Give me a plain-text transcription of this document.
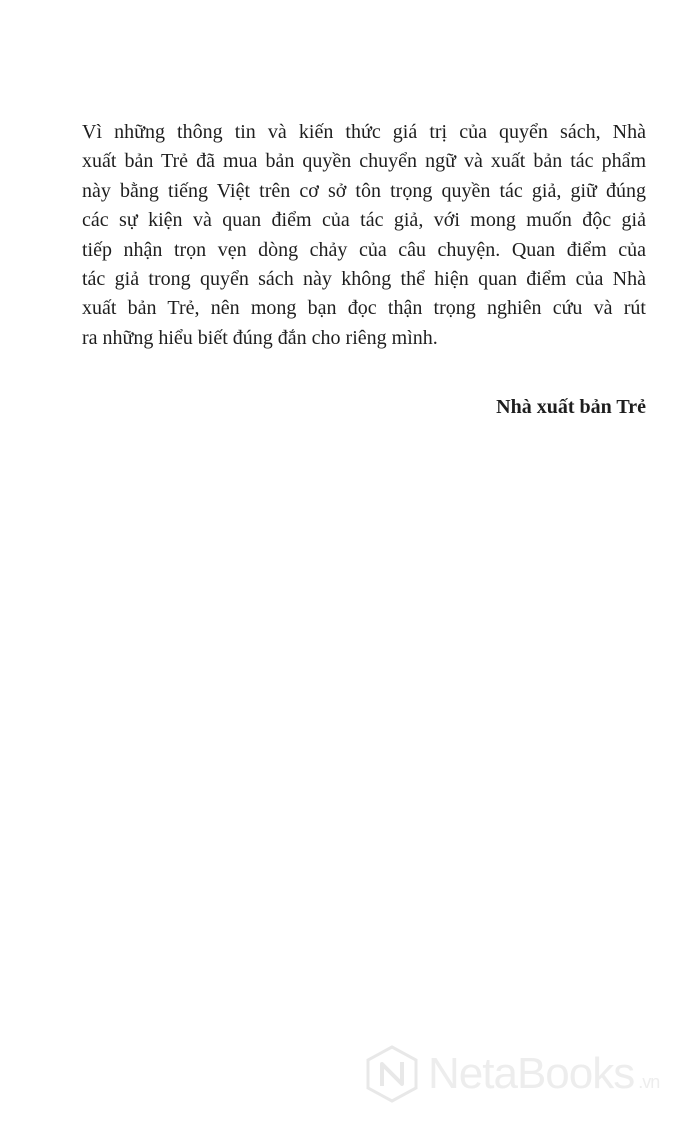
Vì những thông tin và kiến thức giá trị của quyển sách, Nhà
xuất bản Trẻ đã mua bản quyền chuyển ngữ và xuất bản tác phẩm
này bằng tiếng Việt trên cơ sở tôn trọng quyền tác giả, giữ đúng
các sự kiện và quan điểm của tác giả, với mong muốn độc giả
tiếp nhận trọn vẹn dòng chảy của câu chuyện. Quan điểm của
tác giả trong quyển sách này không thể hiện quan điểm của Nhà
xuất bản Trẻ, nên mong bạn đọc thận trọng nghiên cứu và rút
ra những hiểu biết đúng đắn cho riêng mình.
Nhà xuất bản Trẻ
NetaBooks .vn
